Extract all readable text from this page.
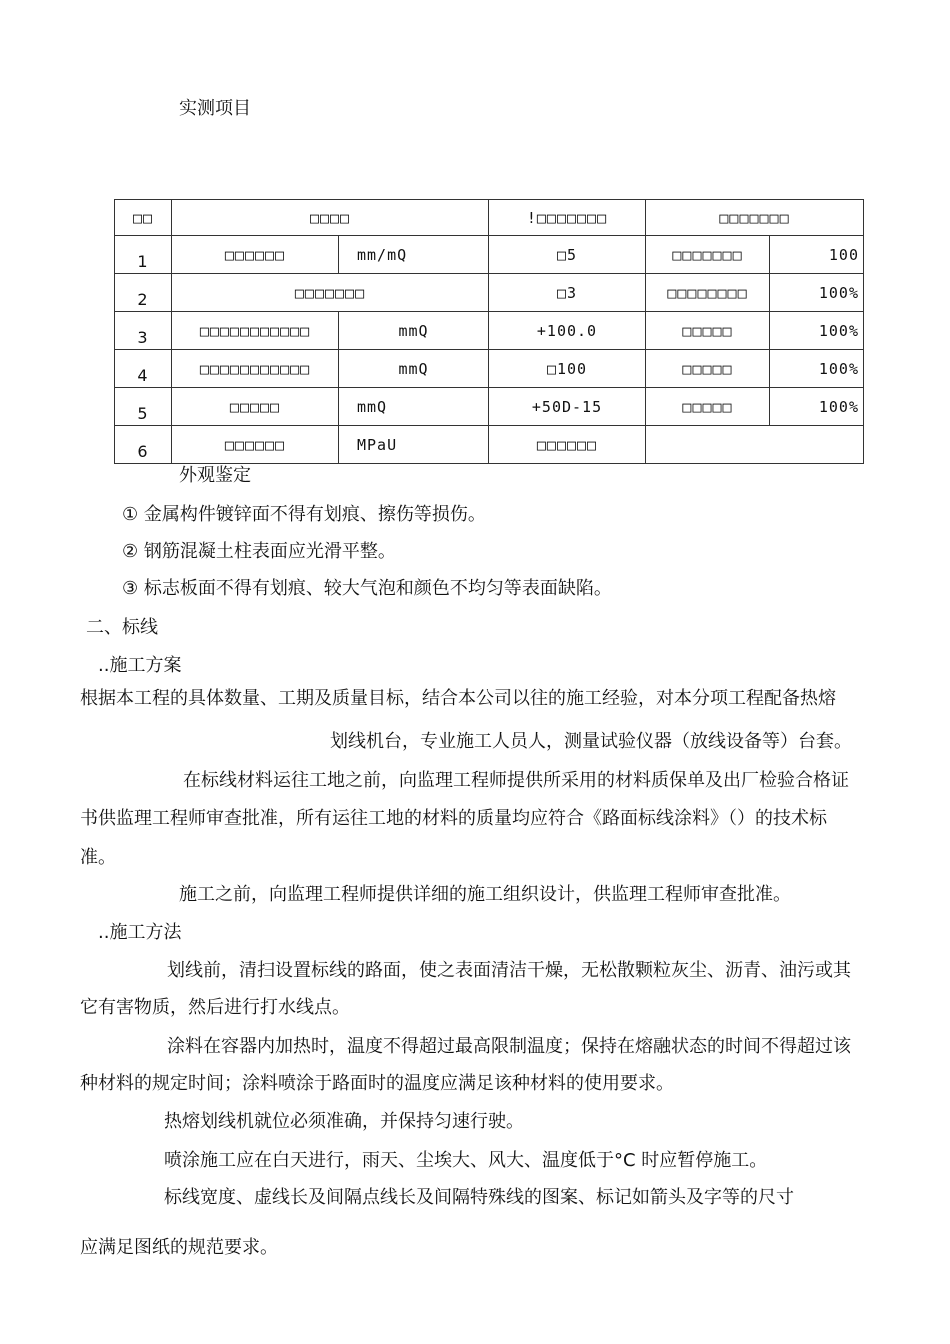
实测项目
□□	□□□□		!□□□□□□□	□□□□□□□	
1	□□□□□□	mm/mQ	□5	□□□□□□□	100
2	□□□□□□□		□3	□□□□□□□□	100%
3	□□□□□□□□□□□	mmQ	+100.0	□□□□□	100%
4	□□□□□□□□□□□	mmQ	□100	□□□□□	100%
5	□□□□□	mmQ	+50D-15	□□□□□	100%
6	□□□□□□	MPaU	□□□□□□		
外观鉴定
① 金属构件镀锌面不得有划痕、擦伤等损伤。
② 钢筋混凝土柱表面应光滑平整。
③ 标志板面不得有划痕、较大气泡和颜色不均匀等表面缺陷。
二、标线
..施工方案
根据本工程的具体数量、工期及质量目标，结合本公司以往的施工经验，对本分项工程配备热熔
划线机台，专业施工人员人，测量试验仪器（放线设备等）台套。
在标线材料运往工地之前，向监理工程师提供所采用的材料质保单及出厂检验合格证
书供监理工程师审查批准，所有运往工地的材料的质量均应符合《路面标线涂料》（）的技术标
准。
施工之前，向监理工程师提供详细的施工组织设计，供监理工程师审查批准。
..施工方法
划线前，清扫设置标线的路面，使之表面清洁干燥，无松散颗粒灰尘、沥青、油污或其
它有害物质，然后进行打水线点。
涂料在容器内加热时，温度不得超过最高限制温度；保持在熔融状态的时间不得超过该
种材料的规定时间；涂料喷涂于路面时的温度应满足该种材料的使用要求。
热熔划线机就位必须准确，并保持匀速行驶。
喷涂施工应在白天进行，雨天、尘埃大、风大、温度低于°C 时应暂停施工。
标线宽度、虚线长及间隔点线长及间隔特殊线的图案、标记如箭头及字等的尺寸
应满足图纸的规范要求。
